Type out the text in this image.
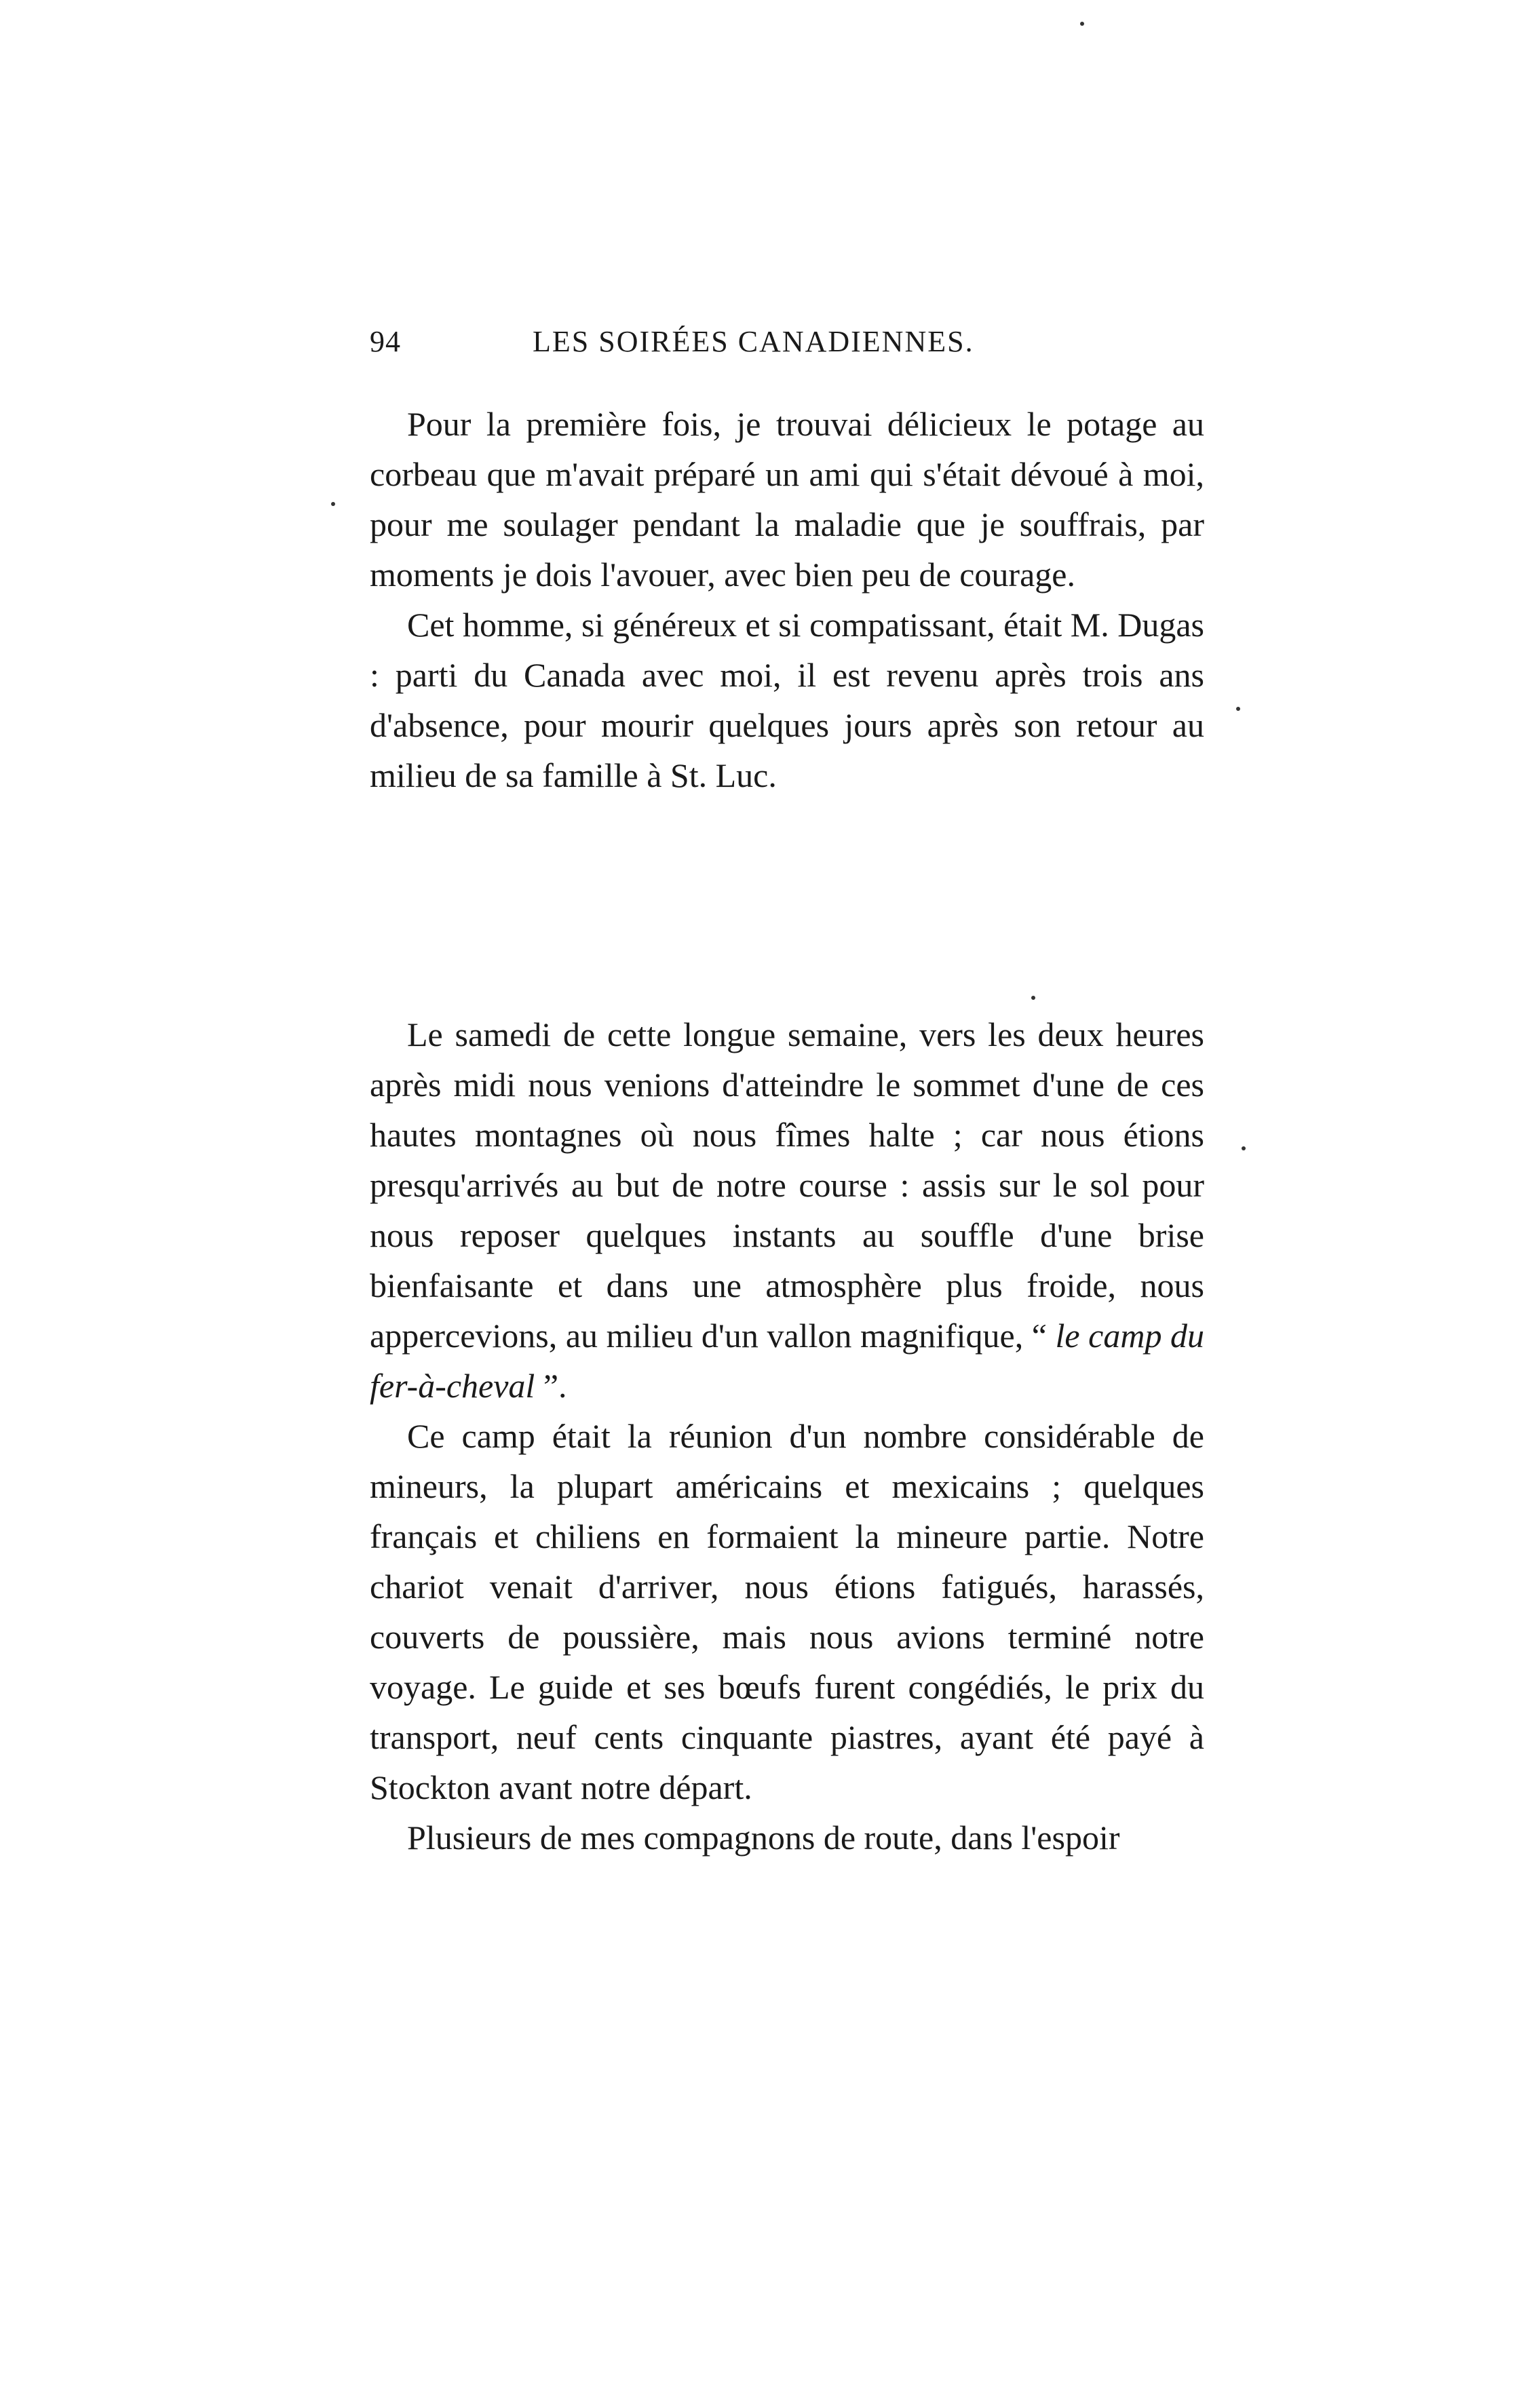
94	LES SOIRÉES CANADIENNES.

Pour la première fois, je trouvai délicieux le potage au corbeau que m'avait préparé un ami qui s'était dévoué à moi, pour me soulager pendant la maladie que je souffrais, par moments je dois l'avouer, avec bien peu de courage.

Cet homme, si généreux et si compatissant, était M. Dugas : parti du Canada avec moi, il est revenu après trois ans d'absence, pour mourir quelques jours après son retour au milieu de sa famille à St. Luc.

Le samedi de cette longue semaine, vers les deux heures après midi nous venions d'atteindre le sommet d'une de ces hautes montagnes où nous fîmes halte ; car nous étions presqu'arrivés au but de notre course : assis sur le sol pour nous reposer quelques instants au souffle d'une brise bienfaisante et dans une atmosphère plus froide, nous appercevions, au milieu d'un vallon magnifique, “ le camp du fer-à-cheval ”.

Ce camp était la réunion d'un nombre considérable de mineurs, la plupart américains et mexicains ; quelques français et chiliens en formaient la mineure partie. Notre chariot venait d'arriver, nous étions fatigués, harassés, couverts de poussière, mais nous avions terminé notre voyage. Le guide et ses bœufs furent congédiés, le prix du transport, neuf cents cinquante piastres, ayant été payé à Stockton avant notre départ.

Plusieurs de mes compagnons de route, dans l'espoir
